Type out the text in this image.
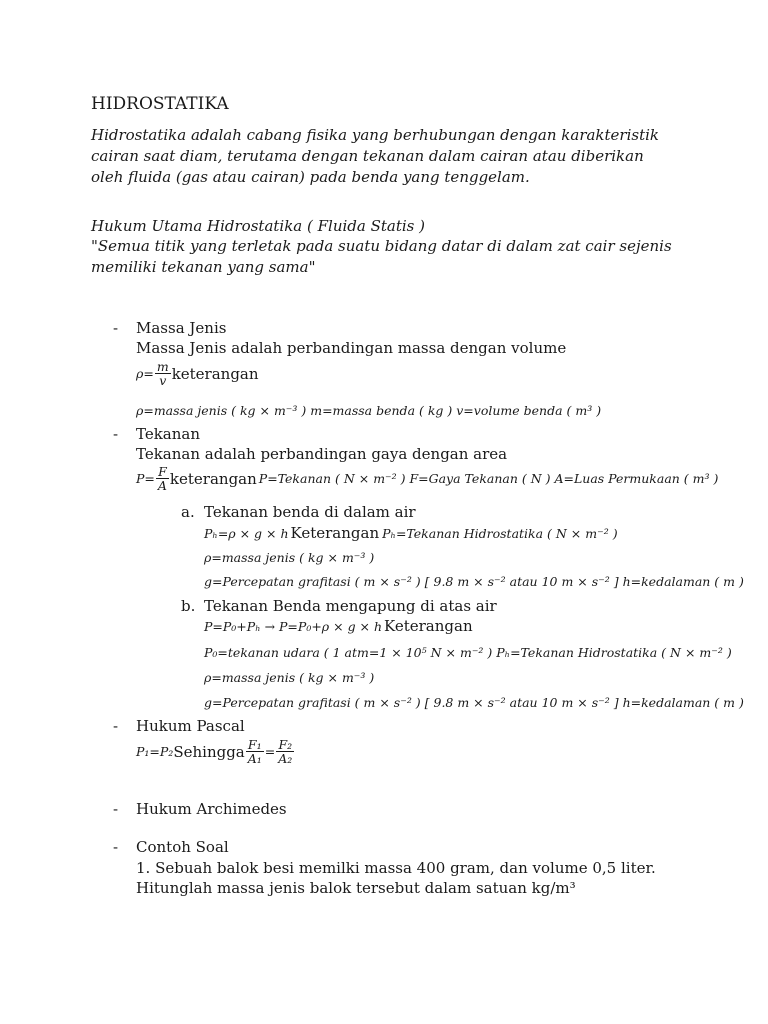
HIDROSTATIKA
Hidrostatika adalah cabang fisika yang berhubungan dengan karakteristik
cairan saat diam, terutama dengan tekanan dalam cairan atau diberikan
oleh fluida (gas atau cairan) pada benda yang tenggelam.
Hukum Utama Hidrostatika ( Fluida Statis )
"Semua titik yang terletak pada suatu bidang datar di dalam zat cair sejenis
memiliki tekanan yang sama"
- Massa Jenis
Massa Jenis adalah perbandingan massa dengan volume
$\rho= \frac{m}{v}$ keterangan
ρ=massa jenis ( kg × m⁻³ ) m=massa benda ( kg ) v=volume benda ( m³ )
- Tekanan
Tekanan adalah perbandingan gaya dengan area
$P= \frac{F}{A}$ keterangan P=Tekanan ( N × m⁻² ) F=Gaya Tekanan ( N ) A=Luas Permukaan ( m³ )
a. Tekanan benda di dalam air
Pₕ=ρ × g × h Keterangan Pₕ=Tekanan Hidrostatika ( N × m⁻² )
ρ=massa jenis ( kg × m⁻³ )
g=Percepatan grafitasi ( m × s⁻² ) [ 9.8 m × s⁻² atau 10 m × s⁻² ] h=kedalaman ( m )
b. Tekanan Benda mengapung di atas air
P=P₀+Pₕ → P=P₀+ρ × g × h Keterangan
P₀=tekanan udara ( 1 atm=1 × 10⁵ N × m⁻² ) Pₕ=Tekanan Hidrostatika ( N × m⁻² )
ρ=massa jenis ( kg × m⁻³ )
g=Percepatan grafitasi ( m × s⁻² ) [ 9.8 m × s⁻² atau 10 m × s⁻² ] h=kedalaman ( m )
- Hukum Pascal
P₁=P₂ Sehingga $\frac{\text{F₁}}{\text{A₁}} = \frac{\text{F₂}}{\text{A₂}}$
- Hukum Archimedes
- Contoh Soal
1. Sebuah balok besi memilki massa 400 gram, dan volume 0,5 liter.
Hitunglah massa jenis balok tersebut dalam satuan kg/m³
